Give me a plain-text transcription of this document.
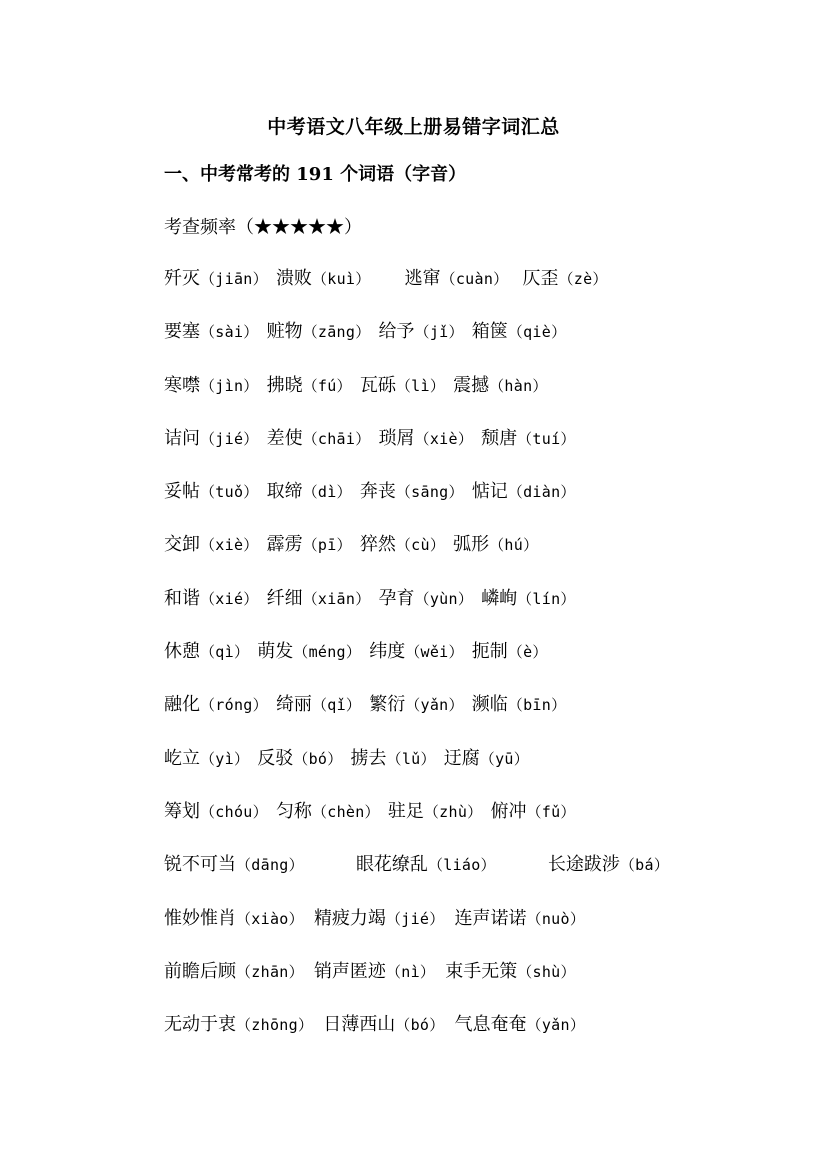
中考语文八年级上册易错字词汇总
一、中考常考的 191 个词语（字音）
考查频率（★★★★★）
歼灭（jiān） 溃败（kuì） 逃窜（cuàn） 仄歪（zè）
要塞（sài） 赃物（zāng） 给予（jǐ） 箱箧（qiè）
寒噤（jìn） 拂晓（fú） 瓦砾（lì） 震撼（hàn）
诘问（jié） 差使（chāi） 琐屑（xiè） 颓唐（tuí）
妥帖（tuǒ） 取缔（dì） 奔丧（sāng） 惦记（diàn）
交卸（xiè） 霹雳（pī） 猝然（cù） 弧形（hú）
和谐（xié） 纤细（xiān） 孕育（yùn） 嶙峋（lín）
休憩（qì） 萌发（méng） 纬度（wěi） 扼制（è）
融化（róng） 绮丽（qǐ） 繁衍（yǎn） 濒临（bīn）
屹立（yì） 反驳（bó） 掳去（lǔ） 迂腐（yū）
筹划（chóu） 匀称（chèn） 驻足（zhù） 俯冲（fǔ）
锐不可当（dāng）	眼花缭乱（liáo）	长途跋涉（bá）
惟妙惟肖（xiào） 精疲力竭（jié） 连声诺诺（nuò）
前瞻后顾（zhān） 销声匿迹（nì） 束手无策（shù）
无动于衷（zhōng） 日薄西山（bó） 气息奄奄（yǎn）
